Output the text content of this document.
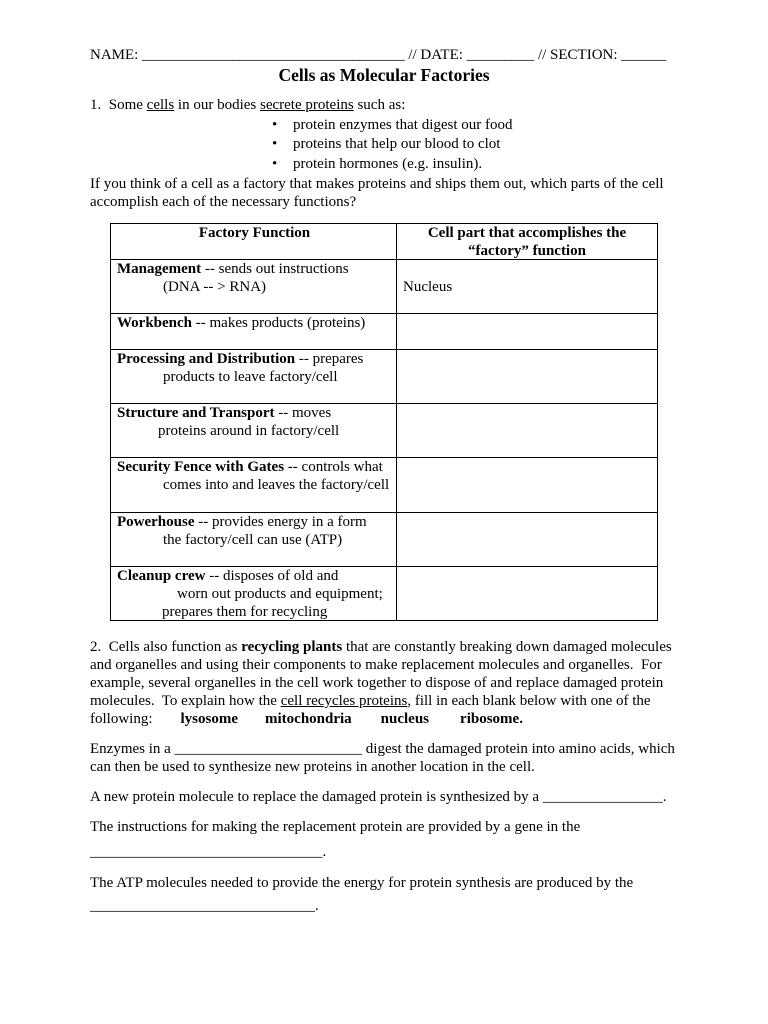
NAME: ___________________________________ // DATE: _________ // SECTION: ______
Cells as Molecular Factories
1.  Some cells in our bodies secrete proteins such as:
• protein enzymes that digest our food
• proteins that help our blood to clot
• protein hormones (e.g. insulin).
If you think of a cell as a factory that makes proteins and ships them out, which parts of the cell
accomplish each of the necessary functions?
Factory Function	Cell part that accomplishes the
“factory” function
Management -- sends out instructions
(DNA -- > RNA)	Nucleus
Workbench -- makes products (proteins)
Processing and Distribution -- prepares
products to leave factory/cell
Structure and Transport -- moves
proteins around in factory/cell
Security Fence with Gates -- controls what
comes into and leaves the factory/cell
Powerhouse -- provides energy in a form
the factory/cell can use (ATP)
Cleanup crew -- disposes of old and
worn out products and equipment;
prepares them for recycling
2.  Cells also function as recycling plants that are constantly breaking down damaged molecules
and organelles and using their components to make replacement molecules and organelles.  For
example, several organelles in the cell work together to dispose of and replace damaged protein
molecules.  To explain how the cell recycles proteins, fill in each blank below with one of the
following: lysosome mitochondria nucleus ribosome.
Enzymes in a _________________________ digest the damaged protein into amino acids, which
can then be used to synthesize new proteins in another location in the cell.
A new protein molecule to replace the damaged protein is synthesized by a ________________.
The instructions for making the replacement protein are provided by a gene in the
_______________________________.
The ATP molecules needed to provide the energy for protein synthesis are produced by the
______________________________.
